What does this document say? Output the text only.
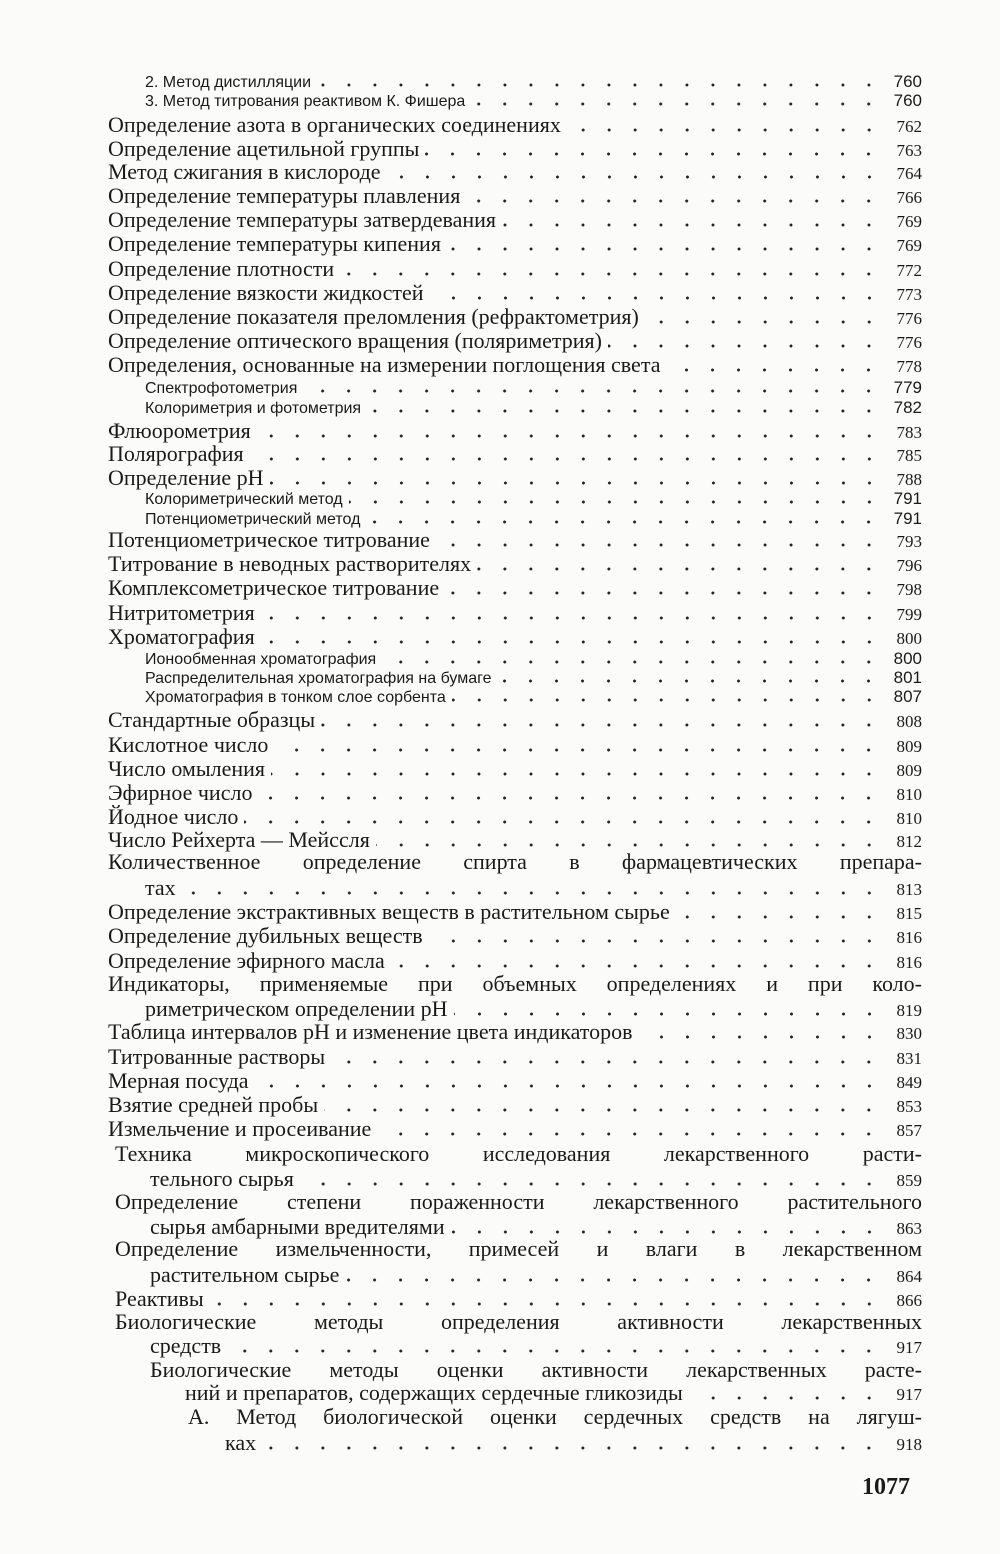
2. Метод дистилляции	760
3. Метод титрования реактивом К. Фишера	760
Определение азота в органических соединениях	762
Определение ацетильной группы	763
Метод сжигания в кислороде	764
Определение температуры плавления	766
Определение температуры затвердевания	769
Определение температуры кипения	769
Определение плотности	772
Определение вязкости жидкостей	773
Определение показателя преломления (рефрактометрия)	776
Определение оптического вращения (поляриметрия)	776
Определения, основанные на измерении поглощения света	778
Спектрофотометрия	779
Колориметрия и фотометрия	782
Флюорометрия	783
Полярография	785
Определение pH	788
Колориметрический метод	791
Потенциометрический метод	791
Потенциометрическое титрование	793
Титрование в неводных растворителях	796
Комплексометрическое титрование	798
Нитритометрия	799
Хроматография	800
Ионообменная хроматография	800
Распределительная хроматография на бумаге	801
Хроматография в тонком слое сорбента	807
Стандартные образцы	808
Кислотное число	809
Число омыления	809
Эфирное число	810
Йодное число	810
Число Рейхерта — Мейссля	812
Количественное определение спирта в фармацевтических препара-
тах	813
Определение экстрактивных веществ в растительном сырье	815
Определение дубильных веществ	816
Определение эфирного масла	816
Индикаторы, применяемые при объемных определениях и при коло-
риметрическом определении pH	819
Таблица интервалов pH и изменение цвета индикаторов	830
Титрованные растворы	831
Мерная посуда	849
Взятие средней пробы	853
Измельчение и просеивание	857
Техника микроскопического исследования лекарственного расти-
тельного сырья	859
Определение степени пораженности лекарственного растительного
сырья амбарными вредителями	863
Определение измельченности, примесей и влаги в лекарственном
растительном сырье	864
Реактивы	866
Биологические методы определения активности лекарственных
средств	917
Биологические методы оценки активности лекарственных расте-
ний и препаратов, содержащих сердечные гликозиды	917
А. Метод биологической оценки сердечных средств на лягуш-
ках	918
1077
